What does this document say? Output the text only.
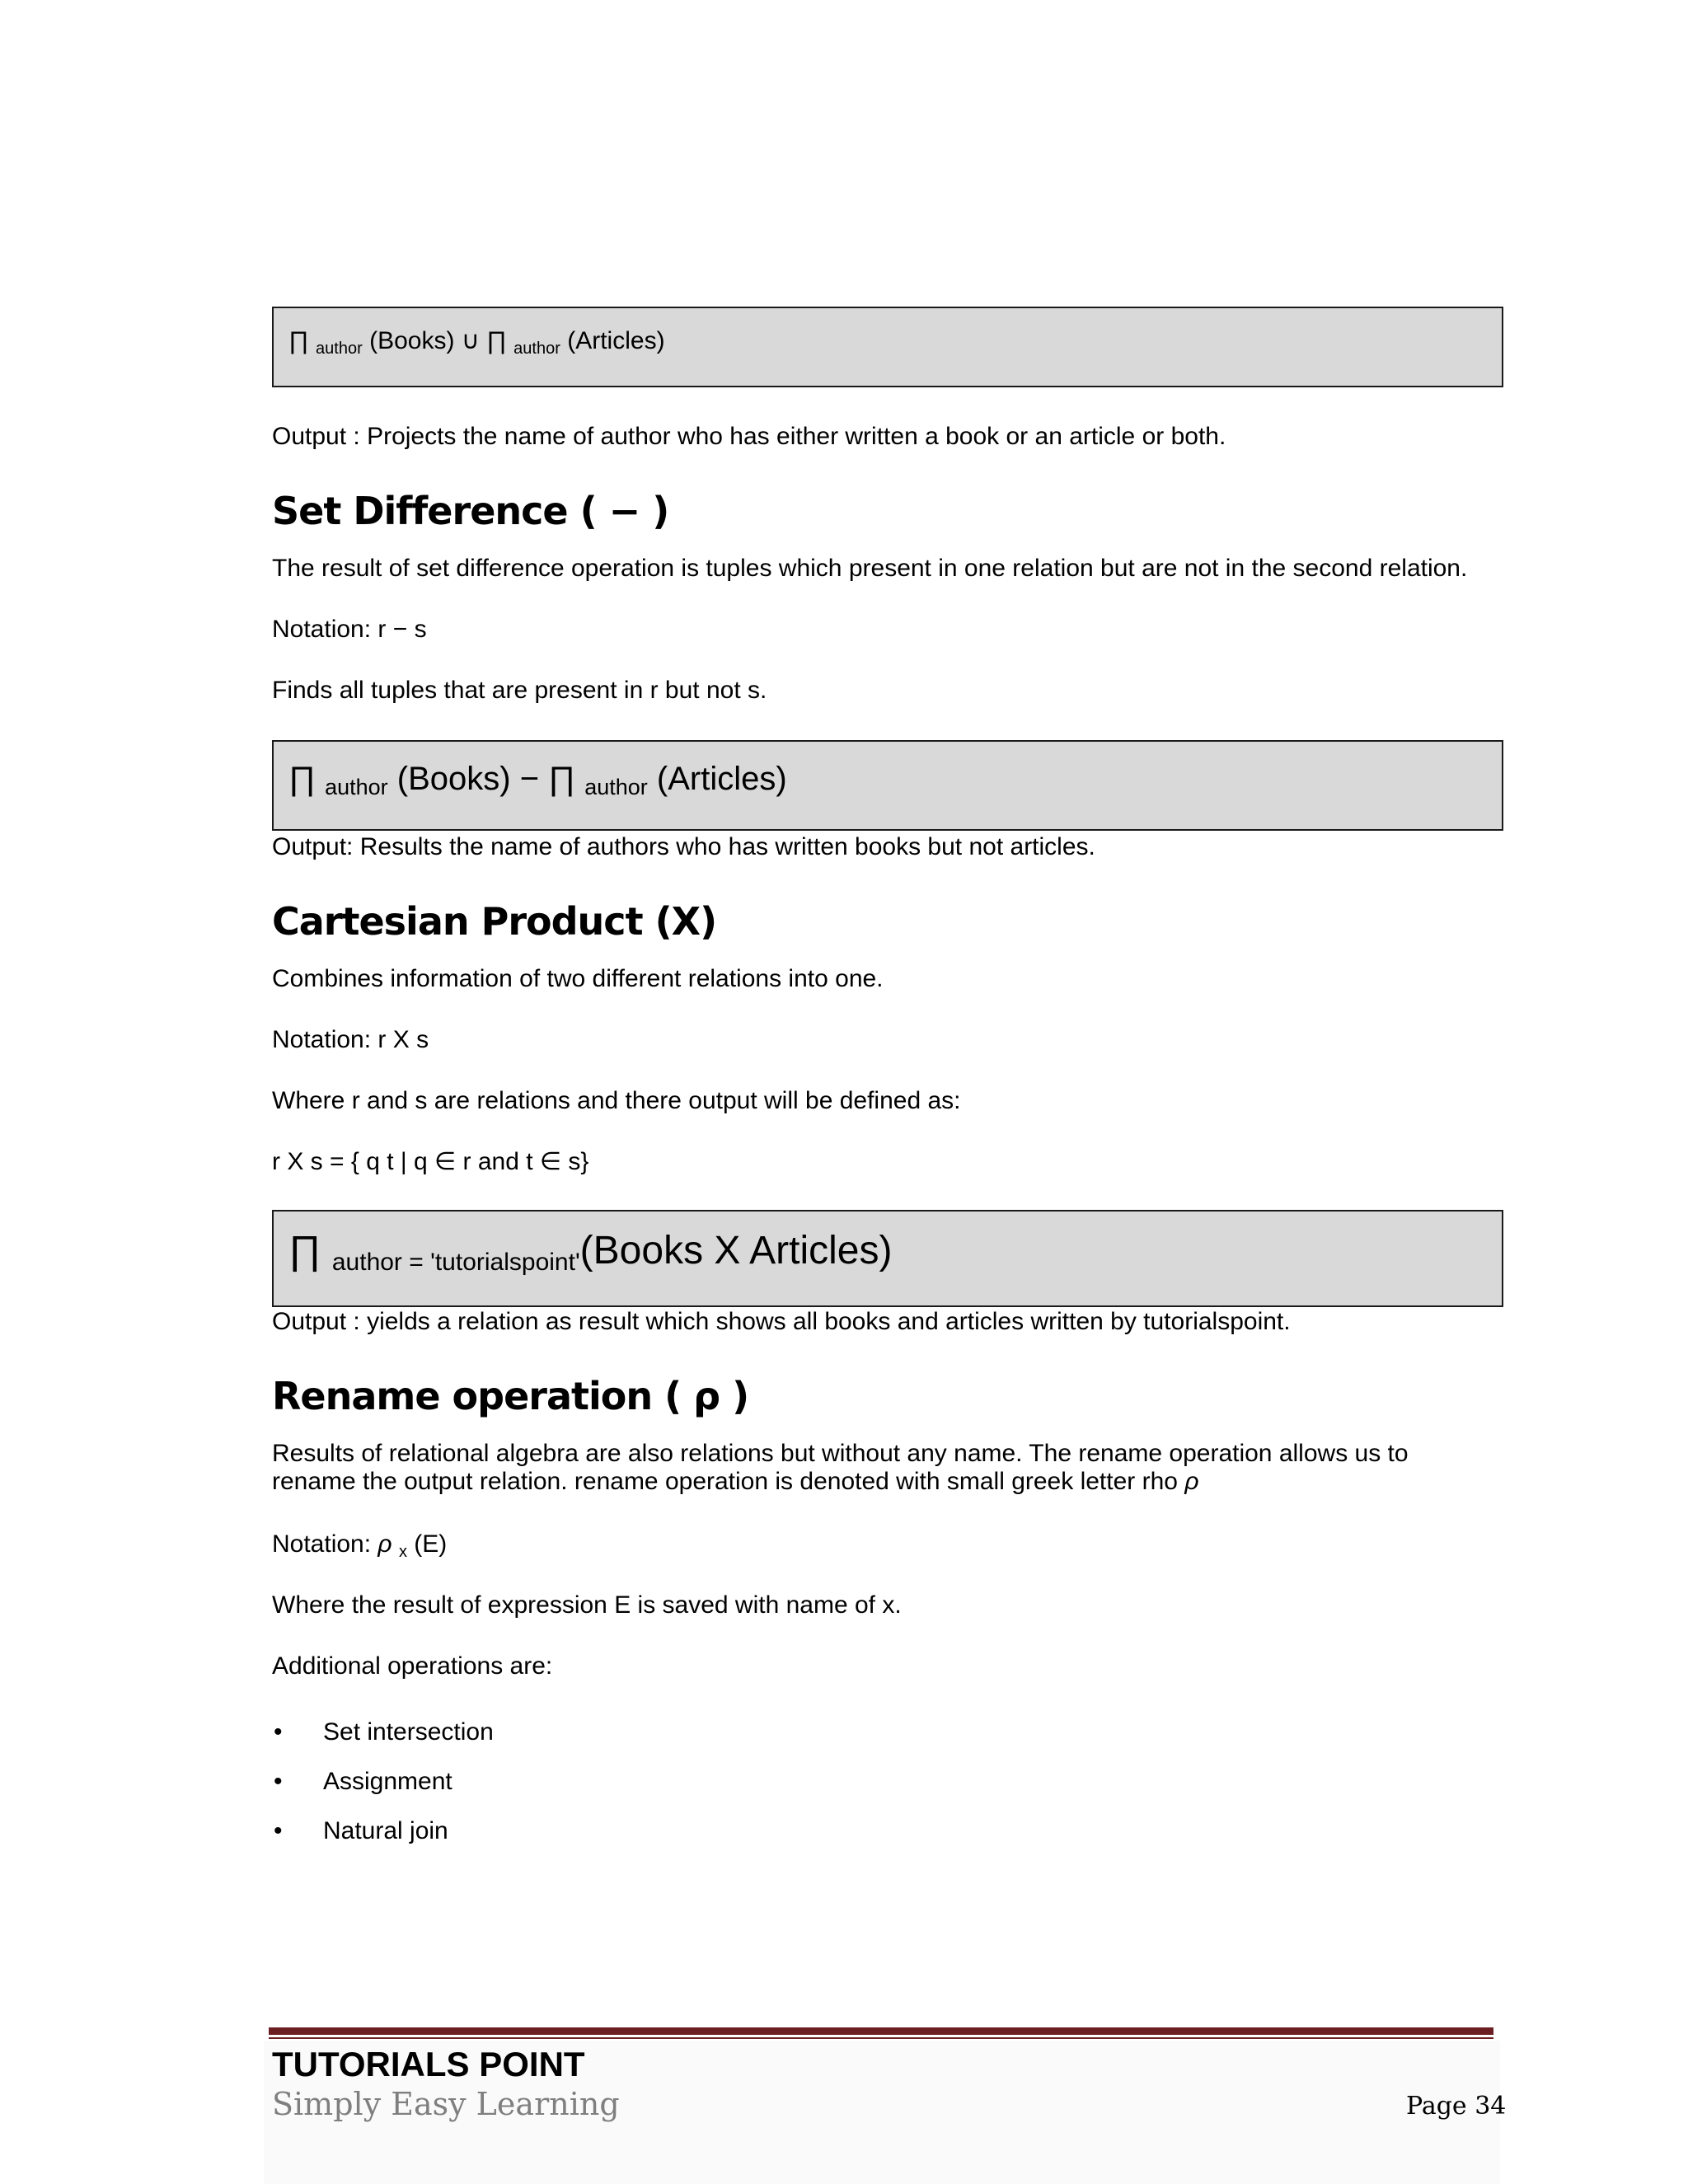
∏ $_{author}$ (Books) ∪ ∏ $_{author}$ (Articles)
Output : Projects the name of author who has either written a book or an article or both.
Set Difference ( − )
The result of set difference operation is tuples which present in one relation but are not in the second relation.
Notation: r − s
Finds all tuples that are present in r but not s.
∏ author (Books) − ∏ author (Articles)
Output: Results the name of authors who has written books but not articles.
Cartesian Product (X)
Combines information of two different relations into one.
Notation: r X s
Where r and s are relations and there output will be defined as:
r X s = { q t | q ∈ r and t ∈ s}
∏ author = 'tutorialspoint'(Books X Articles)
Output : yields a relation as result which shows all books and articles written by tutorialspoint.
Rename operation ( ρ )
Results of relational algebra are also relations but without any name. The rename operation allows us to
rename the output relation. rename operation is denoted with small greek letter rho ρ
Notation: ρ $_x$ (E)
Where the result of expression E is saved with name of x.
Additional operations are:
• Set intersection
• Assignment
• Natural join
TUTORIALS POINT
Simply Easy Learning	Page 34
